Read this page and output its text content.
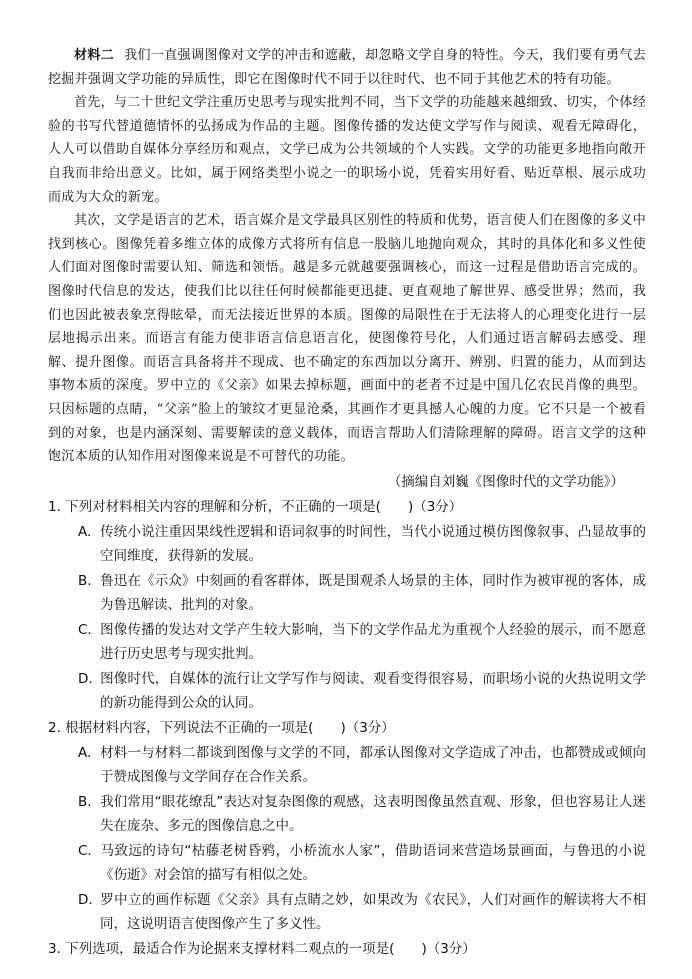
材料二 我们一直强调图像对文学的冲击和遮蔽，却忽略文学自身的特性。今天，我们要有勇气去挖掘并强调文学功能的异质性，即它在图像时代不同于以往时代、也不同于其他艺术的特有功能。

首先，与二十世纪文学注重历史思考与现实批判不同，当下文学的功能越来越细致、切实，个体经验的书写代替道德情怀的弘扬成为作品的主题。图像传播的发达使文学写作与阅读、观看无障碍化，人人可以借助自媒体分享经历和观点，文学已成为公共领域的个人实践。文学的功能更多地指向敞开自我而非给出意义。比如，属于网络类型小说之一的职场小说，凭着实用好看、贴近草根、展示成功而成为大众的新宠。

其次，文学是语言的艺术，语言媒介是文学最具区别性的特质和优势，语言使人们在图像的多义中找到核心。图像凭着多维立体的成像方式将所有信息一股脑儿地抛向观众，其时的具体化和多义性使人们面对图像时需要认知、筛选和领悟。越是多元就越要强调核心，而这一过程是借助语言完成的。图像时代信息的发达，使我们比以往任何时候都能更迅捷、更直观地了解世界、感受世界；然而，我们也因此被表象烹得眩晕，而无法接近世界的本质。图像的局限性在于无法将人的心理变化进行一层层地揭示出来。而语言有能力使非语言信息语言化，使图像符号化，人们通过语言解码去感受、理解、提升图像。而语言具备将并不现成、也不确定的东西加以分离开、辨别、归置的能力，从而到达事物本质的深度。罗中立的《父亲》如果去掉标题，画面中的老者不过是中国几亿农民肖像的典型。只因标题的点睛，“父亲”脸上的皱纹才更显沧桑，其画作才更具撼人心魄的力度。它不只是一个被看到的对象，也是内涵深刻、需要解读的意义载体，而语言帮助人们清除理解的障碍。语言文学的这种饱沉本质的认知作用对图像来说是不可替代的功能。

（摘编自刘巍《图像时代的文学功能》）

1. 下列对材料相关内容的理解和分析，不正确的一项是(　　)（3分）

A. 传统小说注重因果线性逻辑和语词叙事的时间性，当代小说通过模仿图像叙事、凸显故事的空间维度，获得新的发展。

B. 鲁迅在《示众》中刻画的看客群体，既是围观杀人场景的主体，同时作为被审视的客体，成为鲁迅解读、批判的对象。

C. 图像传播的发达对文学产生较大影响，当下的文学作品尤为重视个人经验的展示，而不愿意进行历史思考与现实批判。

D. 图像时代，自媒体的流行让文学写作与阅读、观看变得很容易，而职场小说的火热说明文学的新功能得到公众的认同。

2. 根据材料内容，下列说法不正确的一项是(　　)（3分）

A. 材料一与材料二都谈到图像与文学的不同，都承认图像对文学造成了冲击，也都赞成或倾向于赞成图像与文学间存在合作关系。

B. 我们常用“眼花缭乱”表达对复杂图像的观感，这表明图像虽然直观、形象，但也容易让人迷失在庞杂、多元的图像信息之中。

C. 马致远的诗句“枯藤老树昏鸦，小桥流水人家”，借助语词来营造场景画面，与鲁迅的小说《伤逝》对会馆的描写有相似之处。

D. 罗中立的画作标题《父亲》具有点睛之妙，如果改为《农民》，人们对画作的解读将大不相同，这说明语言使图像产生了多义性。

3. 下列选项，最适合作为论据来支撑材料二观点的一项是(　　)（3分）
